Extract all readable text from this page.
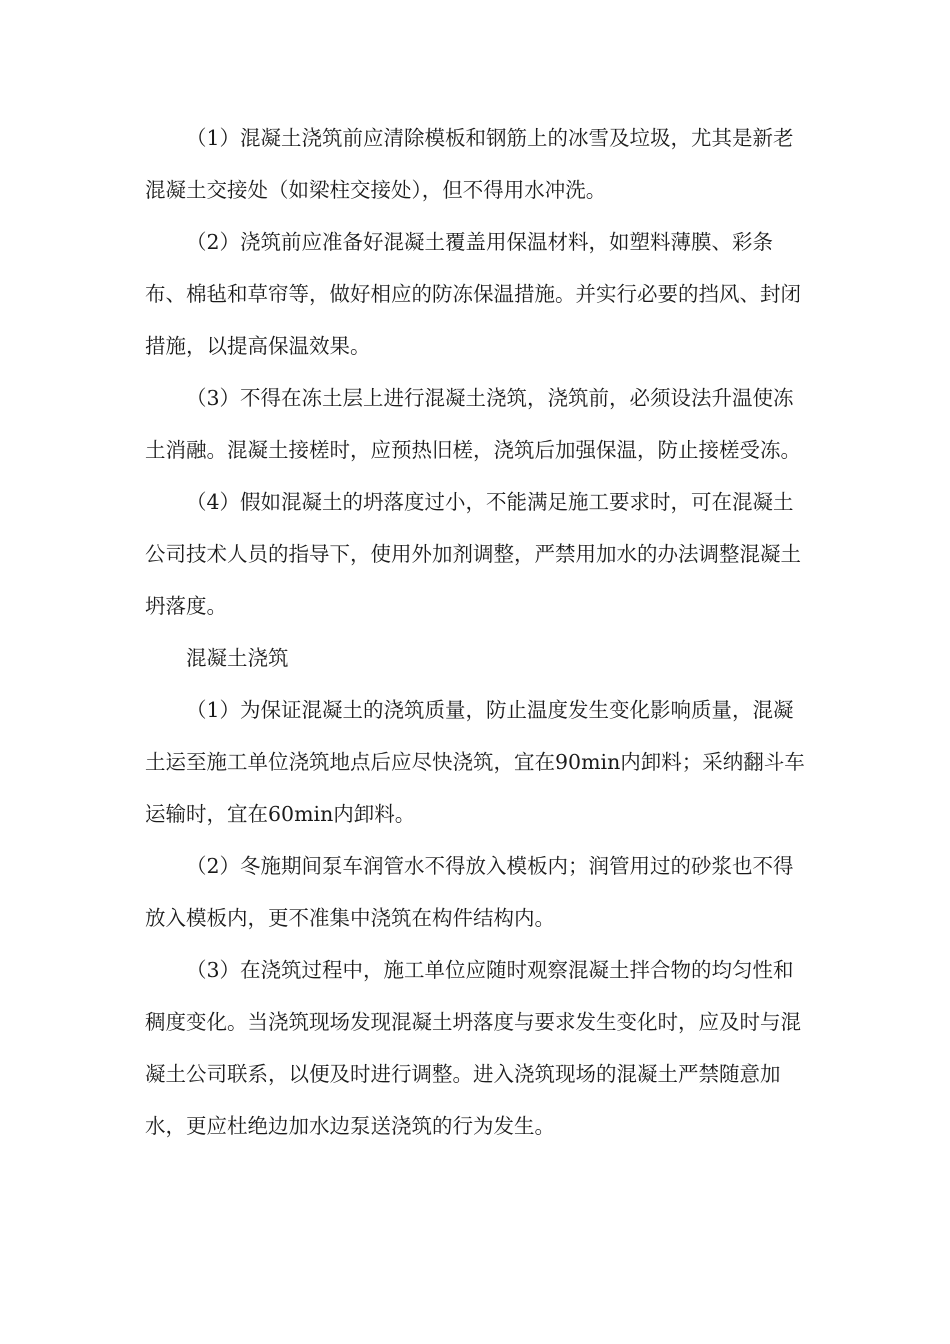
（1）混凝土浇筑前应清除模板和钢筋上的冰雪及垃圾，尤其是新老混凝土交接处（如梁柱交接处），但不得用水冲洗。

（2）浇筑前应准备好混凝土覆盖用保温材料，如塑料薄膜、彩条布、棉毡和草帘等，做好相应的防冻保温措施。并实行必要的挡风、封闭措施，以提高保温效果。

（3）不得在冻土层上进行混凝土浇筑，浇筑前，必须设法升温使冻土消融。混凝土接槎时，应预热旧槎，浇筑后加强保温，防止接槎受冻。

（4）假如混凝土的坍落度过小，不能满足施工要求时，可在混凝土公司技术人员的指导下，使用外加剂调整，严禁用加水的办法调整混凝土坍落度。

混凝土浇筑

（1）为保证混凝土的浇筑质量，防止温度发生变化影响质量，混凝土运至施工单位浇筑地点后应尽快浇筑，宜在90min内卸料；采纳翻斗车运输时，宜在60min内卸料。

（2）冬施期间泵车润管水不得放入模板内；润管用过的砂浆也不得放入模板内，更不准集中浇筑在构件结构内。

（3）在浇筑过程中，施工单位应随时观察混凝土拌合物的均匀性和稠度变化。当浇筑现场发现混凝土坍落度与要求发生变化时，应及时与混凝土公司联系，以便及时进行调整。进入浇筑现场的混凝土严禁随意加水，更应杜绝边加水边泵送浇筑的行为发生。
